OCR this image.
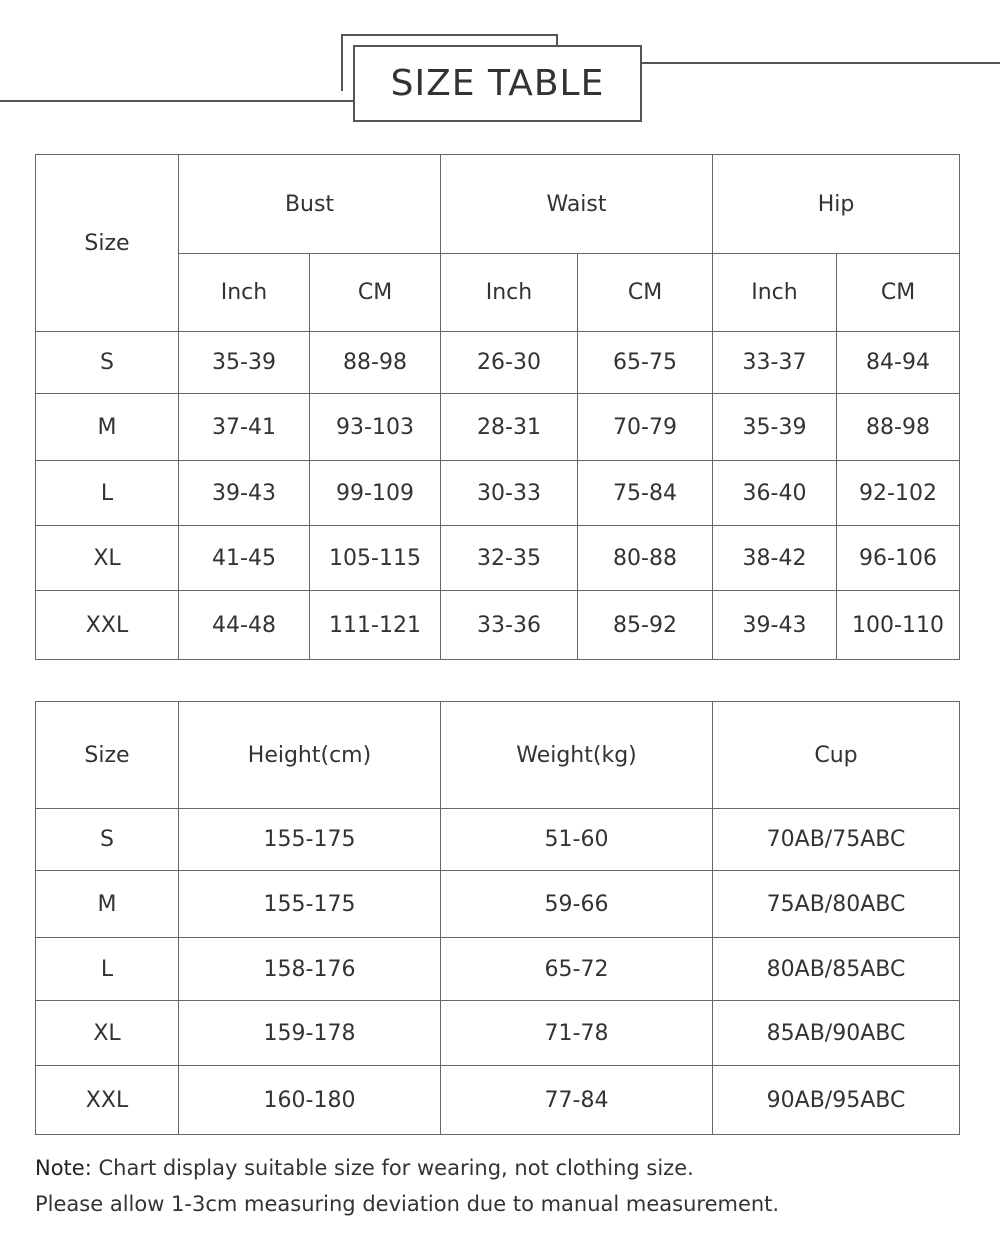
SIZE TABLE
Size	Bust		Waist		Hip	
	Inch	CM	Inch	CM	Inch	CM
S	35-39	88-98	26-30	65-75	33-37	84-94
M	37-41	93-103	28-31	70-79	35-39	88-98
L	39-43	99-109	30-33	75-84	36-40	92-102
XL	41-45	105-115	32-35	80-88	38-42	96-106
XXL	44-48	111-121	33-36	85-92	39-43	100-110
Size	Height(cm)	Weight(kg)	Cup
S	155-175	51-60	70AB/75ABC
M	155-175	59-66	75AB/80ABC
L	158-176	65-72	80AB/85ABC
XL	159-178	71-78	85AB/90ABC
XXL	160-180	77-84	90AB/95ABC
Note: Chart display suitable size for wearing, not clothing size.
Please allow 1-3cm measuring deviation due to manual measurement.
